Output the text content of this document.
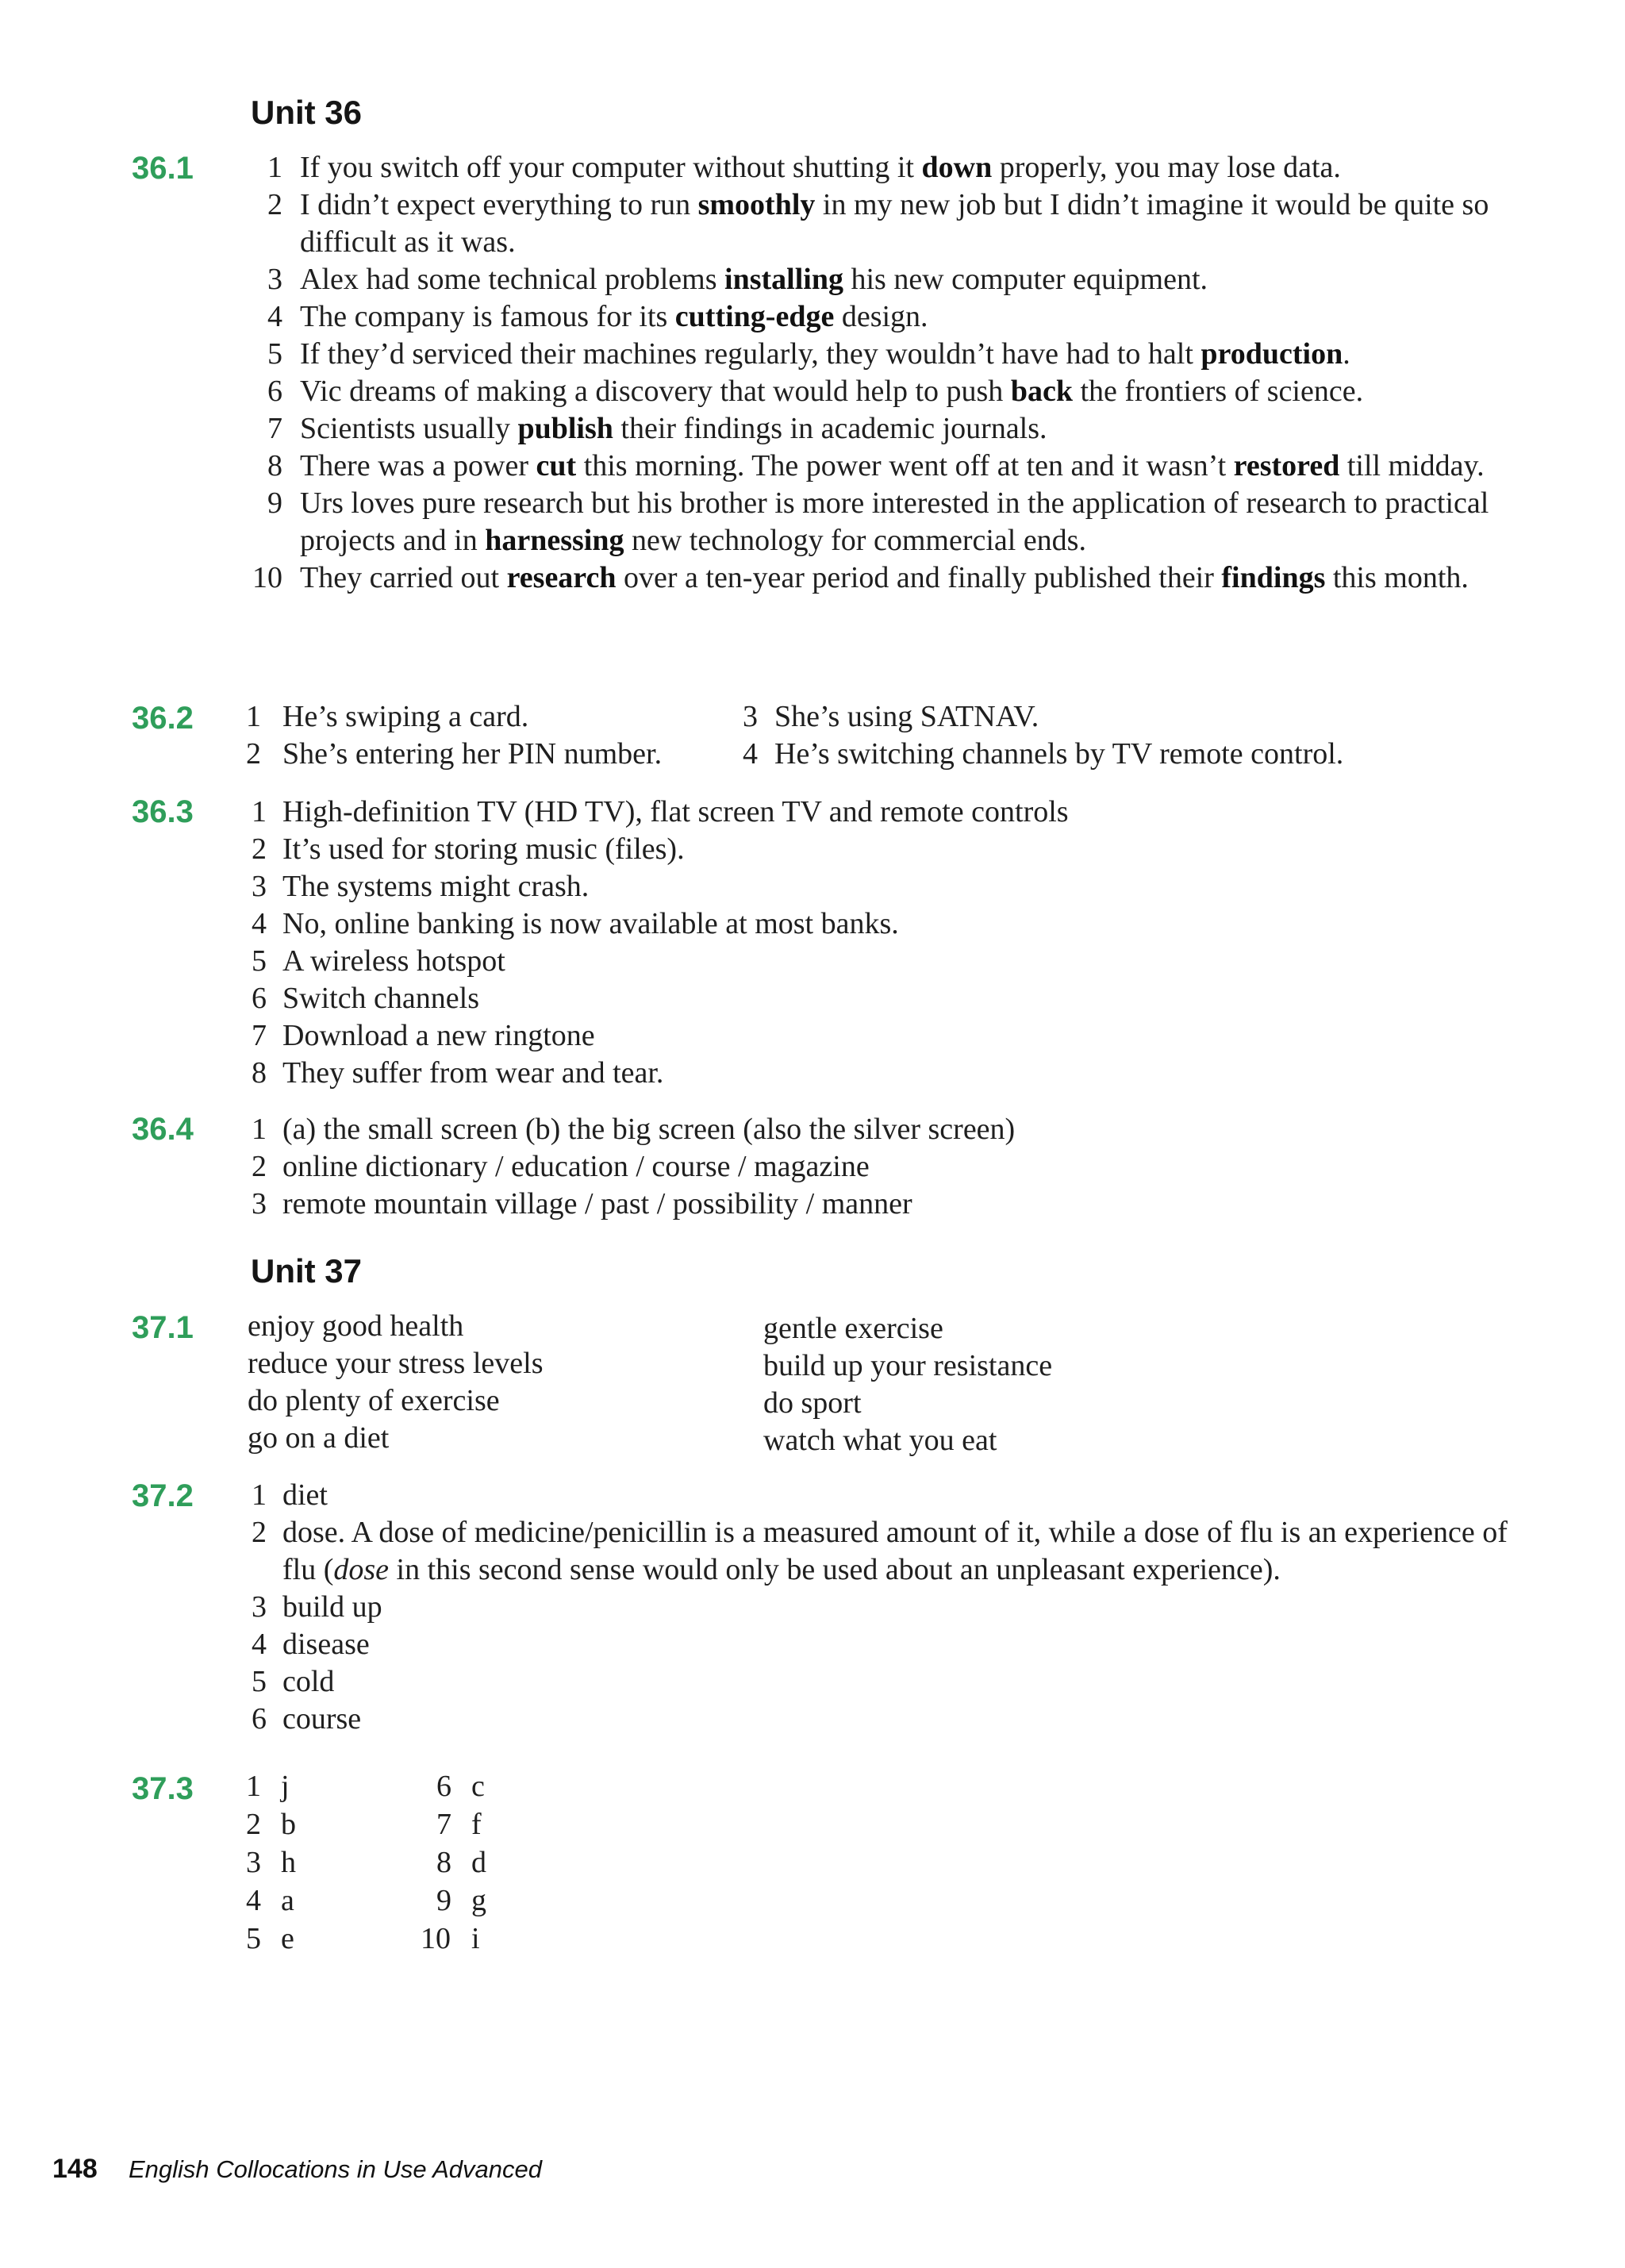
Unit 36
36.1	1 If you switch off your computer without shutting it down properly, you may lose data.
2 I didn’t expect everything to run smoothly in my new job but I didn’t imagine it would be quite so difficult as it was.
3 Alex had some technical problems installing his new computer equipment.
4 The company is famous for its cutting-edge design.
5 If they’d serviced their machines regularly, they wouldn’t have had to halt production.
6 Vic dreams of making a discovery that would help to push back the frontiers of science.
7 Scientists usually publish their findings in academic journals.
8 There was a power cut this morning. The power went off at ten and it wasn’t restored till midday.
9 Urs loves pure research but his brother is more interested in the application of research to practical projects and in harnessing new technology for commercial ends.
10 They carried out research over a ten-year period and finally published their findings this month.
36.2 1 He’s swiping a card.
2 She’s entering her PIN number.
3 She’s using SATNAV.
4 He’s switching channels by TV remote control.
36.3 1 High-definition TV (HD TV), flat screen TV and remote controls
2 It’s used for storing music (files).
3 The systems might crash.
4 No, online banking is now available at most banks.
5 A wireless hotspot
6 Switch channels
7 Download a new ringtone
8 They suffer from wear and tear.
36.4 1 (a) the small screen (b) the big screen (also the silver screen)
2 online dictionary / education / course / magazine
3 remote mountain village / past / possibility / manner
Unit 37
37.1 enjoy good health
reduce your stress levels
do plenty of exercise
go on a diet
gentle exercise
build up your resistance
do sport
watch what you eat
37.2 1 diet
2 dose. A dose of medicine/penicillin is a measured amount of it, while a dose of flu is an experience of flu (dose in this second sense would only be used about an unpleasant experience).
3 build up
4 disease
5 cold
6 course
37.3 1 j
2 b
3 h
4 a
5 e
6 c
7 f
8 d
9 g
10 i
148 English Collocations in Use Advanced
